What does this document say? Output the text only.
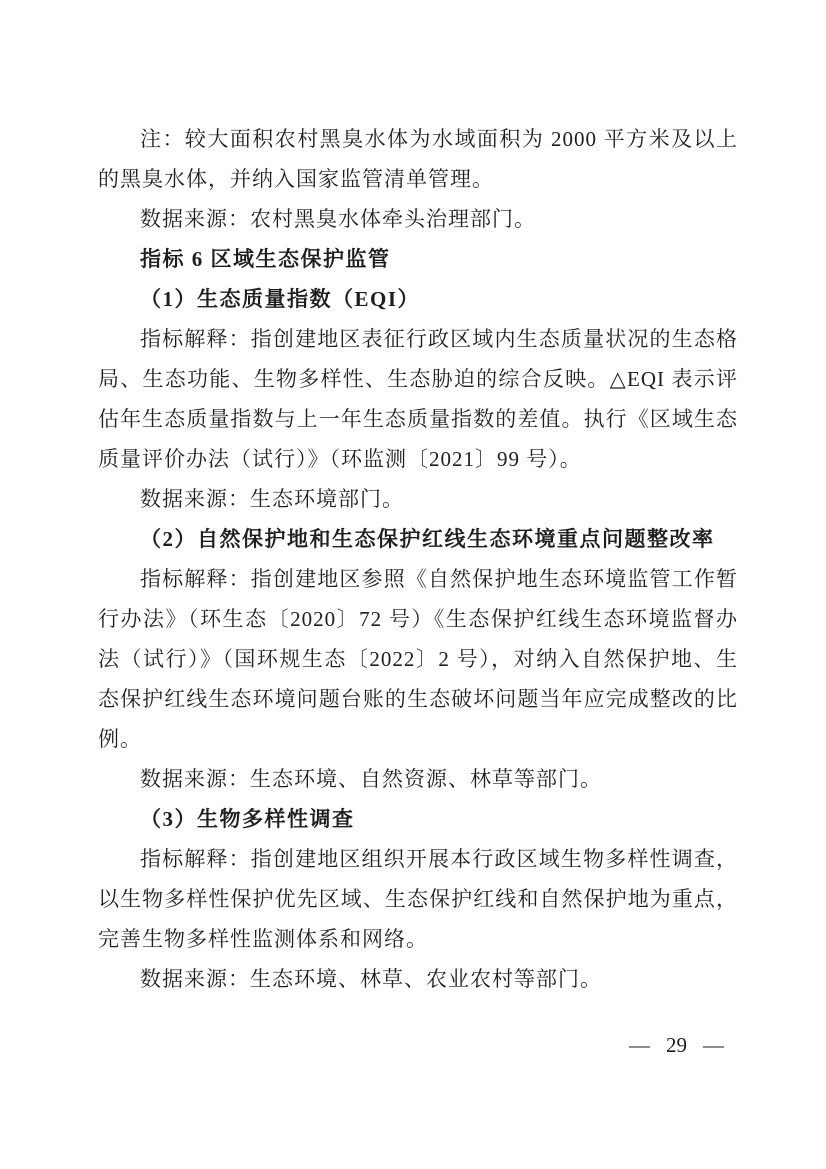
注：较大面积农村黑臭水体为水域面积为 2000 平方米及以上的黑臭水体，并纳入国家监管清单管理。

数据来源：农村黑臭水体牵头治理部门。

指标 6 区域生态保护监管

（1）生态质量指数（EQI）

指标解释：指创建地区表征行政区域内生态质量状况的生态格局、生态功能、生物多样性、生态胁迫的综合反映。△EQI 表示评估年生态质量指数与上一年生态质量指数的差值。执行《区域生态质量评价办法（试行）》（环监测〔2021〕99 号）。

数据来源：生态环境部门。

（2）自然保护地和生态保护红线生态环境重点问题整改率

指标解释：指创建地区参照《自然保护地生态环境监管工作暂行办法》（环生态〔2020〕72 号）《生态保护红线生态环境监督办法（试行）》（国环规生态〔2022〕2 号），对纳入自然保护地、生态保护红线生态环境问题台账的生态破坏问题当年应完成整改的比例。

数据来源：生态环境、自然资源、林草等部门。

（3）生物多样性调查

指标解释：指创建地区组织开展本行政区域生物多样性调查，以生物多样性保护优先区域、生态保护红线和自然保护地为重点，完善生物多样性监测体系和网络。

数据来源：生态环境、林草、农业农村等部门。

— 29 —
